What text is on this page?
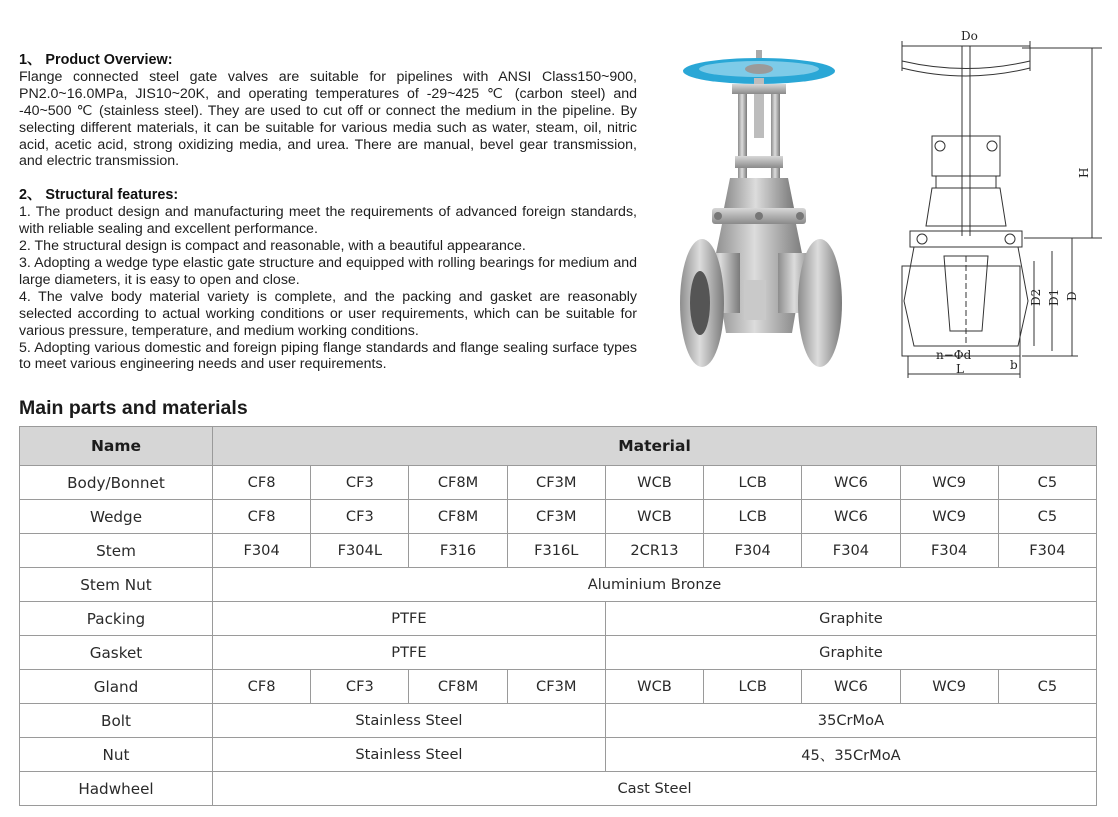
1、 Product Overview:

Flange connected steel gate valves are suitable for pipelines with ANSI Class150~900, PN2.0~16.0MPa, JIS10~20K, and operating temperatures of -29~425 ℃ (carbon steel) and -40~500 ℃ (stainless steel). They are used to cut off or connect the medium in the pipeline. By selecting different materials, it can be suitable for various media such as water, steam, oil, nitric acid, acetic acid, strong oxidizing media, and urea. There are manual, bevel gear transmission, and electric transmission.

2、 Structural features:

1. The product design and manufacturing meet the requirements of advanced foreign standards, with reliable sealing and excellent performance.

2. The structural design is compact and reasonable, with a beautiful appearance.

3. Adopting a wedge type elastic gate structure and equipped with rolling bearings for medium and large diameters, it is easy to open and close.

4. The valve body material variety is complete, and the packing and gasket are reasonably selected according to actual working conditions or user requirements, which can be suitable for various pressure, temperature, and medium working conditions.

5. Adopting various domestic and foreign piping flange standards and flange sealing surface types to meet various engineering needs and user requirements.

Do
n−Φd
L	b
H
D2 D1 D
Main parts and materials
Name	Material								
Body/Bonnet	CF8	CF3	CF8M	CF3M	WCB	LCB	WC6	WC9	C5
Wedge	CF8	CF3	CF8M	CF3M	WCB	LCB	WC6	WC9	C5
Stem	F304	F304L	F316	F316L	2CR13	F304	F304	F304	F304
Stem Nut	Aluminium Bronze								
Packing	PTFE				Graphite				
Gasket	PTFE				Graphite				
Gland	CF8	CF3	CF8M	CF3M	WCB	LCB	WC6	WC9	C5
Bolt	Stainless Steel				35CrMoA				
Nut	Stainless Steel				45、35CrMoA				
Hadwheel	Cast Steel								
